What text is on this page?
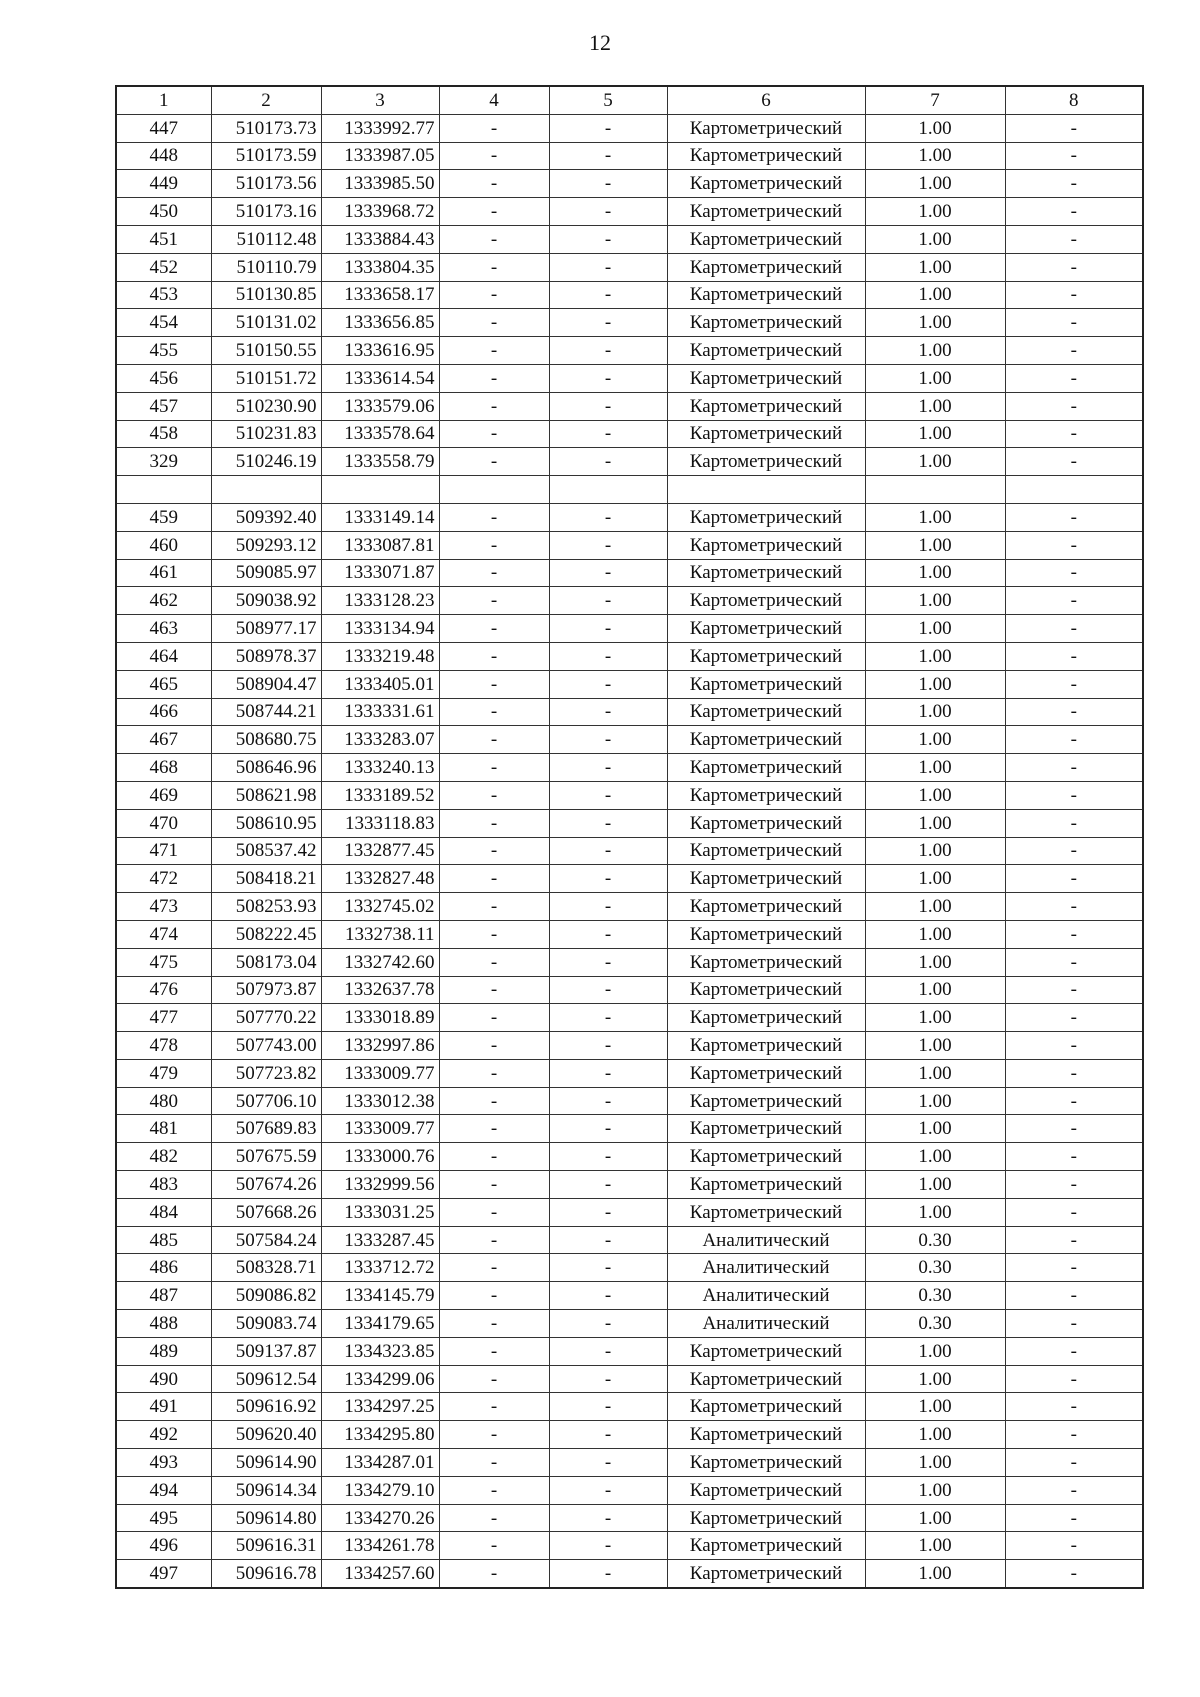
12
1	2	3	4	5	6	7	8
447	510173.73	1333992.77	-	-	Картометрический	1.00	-
448	510173.59	1333987.05	-	-	Картометрический	1.00	-
449	510173.56	1333985.50	-	-	Картометрический	1.00	-
450	510173.16	1333968.72	-	-	Картометрический	1.00	-
451	510112.48	1333884.43	-	-	Картометрический	1.00	-
452	510110.79	1333804.35	-	-	Картометрический	1.00	-
453	510130.85	1333658.17	-	-	Картометрический	1.00	-
454	510131.02	1333656.85	-	-	Картометрический	1.00	-
455	510150.55	1333616.95	-	-	Картометрический	1.00	-
456	510151.72	1333614.54	-	-	Картометрический	1.00	-
457	510230.90	1333579.06	-	-	Картометрический	1.00	-
458	510231.83	1333578.64	-	-	Картометрический	1.00	-
329	510246.19	1333558.79	-	-	Картометрический	1.00	-

459	509392.40	1333149.14	-	-	Картометрический	1.00	-
460	509293.12	1333087.81	-	-	Картометрический	1.00	-
461	509085.97	1333071.87	-	-	Картометрический	1.00	-
462	509038.92	1333128.23	-	-	Картометрический	1.00	-
463	508977.17	1333134.94	-	-	Картометрический	1.00	-
464	508978.37	1333219.48	-	-	Картометрический	1.00	-
465	508904.47	1333405.01	-	-	Картометрический	1.00	-
466	508744.21	1333331.61	-	-	Картометрический	1.00	-
467	508680.75	1333283.07	-	-	Картометрический	1.00	-
468	508646.96	1333240.13	-	-	Картометрический	1.00	-
469	508621.98	1333189.52	-	-	Картометрический	1.00	-
470	508610.95	1333118.83	-	-	Картометрический	1.00	-
471	508537.42	1332877.45	-	-	Картометрический	1.00	-
472	508418.21	1332827.48	-	-	Картометрический	1.00	-
473	508253.93	1332745.02	-	-	Картометрический	1.00	-
474	508222.45	1332738.11	-	-	Картометрический	1.00	-
475	508173.04	1332742.60	-	-	Картометрический	1.00	-
476	507973.87	1332637.78	-	-	Картометрический	1.00	-
477	507770.22	1333018.89	-	-	Картометрический	1.00	-
478	507743.00	1332997.86	-	-	Картометрический	1.00	-
479	507723.82	1333009.77	-	-	Картометрический	1.00	-
480	507706.10	1333012.38	-	-	Картометрический	1.00	-
481	507689.83	1333009.77	-	-	Картометрический	1.00	-
482	507675.59	1333000.76	-	-	Картометрический	1.00	-
483	507674.26	1332999.56	-	-	Картометрический	1.00	-
484	507668.26	1333031.25	-	-	Картометрический	1.00	-
485	507584.24	1333287.45	-	-	Аналитический	0.30	-
486	508328.71	1333712.72	-	-	Аналитический	0.30	-
487	509086.82	1334145.79	-	-	Аналитический	0.30	-
488	509083.74	1334179.65	-	-	Аналитический	0.30	-
489	509137.87	1334323.85	-	-	Картометрический	1.00	-
490	509612.54	1334299.06	-	-	Картометрический	1.00	-
491	509616.92	1334297.25	-	-	Картометрический	1.00	-
492	509620.40	1334295.80	-	-	Картометрический	1.00	-
493	509614.90	1334287.01	-	-	Картометрический	1.00	-
494	509614.34	1334279.10	-	-	Картометрический	1.00	-
495	509614.80	1334270.26	-	-	Картометрический	1.00	-
496	509616.31	1334261.78	-	-	Картометрический	1.00	-
497	509616.78	1334257.60	-	-	Картометрический	1.00	-
